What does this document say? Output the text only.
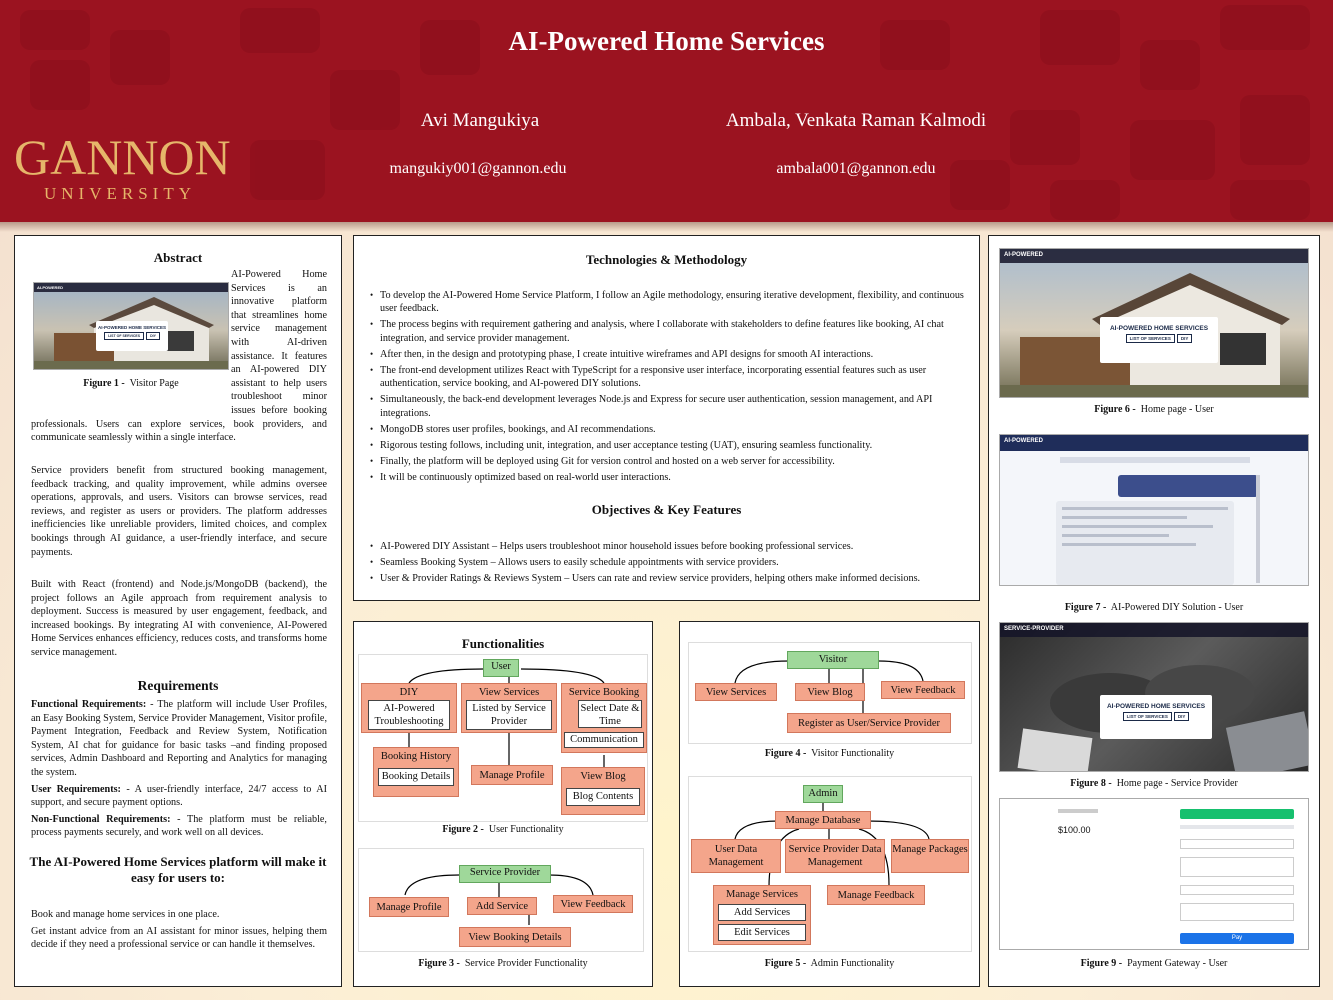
AI-Powered Home Services
Avi Mangukiya	Ambala, Venkata Raman Kalmodi
mangukiy001@gannon.edu	ambala001@gannon.edu
GANNON
UNIVERSITY
Abstract
AI-POWERED
AI-POWERED HOME SERVICES
LIST OF SERVICES	DIY
Figure 1 - Visitor Page
AI-Powered Home Services is an innovative platform that streamlines home service management with AI-driven assistance. It features an AI-powered DIY assistant to help users troubleshoot minor issues before booking professionals. Users can explore services, book providers, and communicate seamlessly within a single interface.
Service providers benefit from structured booking management, feedback tracking, and quality improvement, while admins oversee operations, approvals, and users. Visitors can browse services, read reviews, and register as users or providers. The platform addresses inefficiencies like unreliable providers, limited choices, and complex bookings through AI guidance, a user-friendly interface, and secure payments.
Built with React (frontend) and Node.js/MongoDB (backend), the project follows an Agile approach from requirement analysis to deployment. Success is measured by user engagement, feedback, and increased bookings. By integrating AI with convenience, AI-Powered Home Services enhances efficiency, reduces costs, and transforms home service management.
Requirements
Functional Requirements: - The platform will include User Profiles, an Easy Booking System, Service Provider Management, Visitor profile, Payment Integration, Feedback and Review System, Notification System, AI chat for guidance for basic tasks –and finding proposed services, Admin Dashboard and Reporting and Analytics for managing the system.
User Requirements: - A user-friendly interface, 24/7 access to AI support, and secure payment options.
Non-Functional Requirements: - The platform must be reliable, process payments securely, and work well on all devices.
The AI-Powered Home Services platform will make it easy for users to:
Book and manage home services in one place.
Get instant advice from an AI assistant for minor issues, helping them decide if they need a professional service or can handle it themselves.
Technologies & Methodology
• To develop the AI-Powered Home Service Platform, I follow an Agile methodology, ensuring iterative development, flexibility, and continuous user feedback.
• The process begins with requirement gathering and analysis, where I collaborate with stakeholders to define features like booking, AI chat integration, and service provider management.
• After then, in the design and prototyping phase, I create intuitive wireframes and API designs for smooth AI interactions.
• The front-end development utilizes React with TypeScript for a responsive user interface, incorporating essential features such as user authentication, service booking, and AI-powered DIY solutions.
• Simultaneously, the back-end development leverages Node.js and Express for secure user authentication, session management, and API integrations.
• MongoDB stores user profiles, bookings, and AI recommendations.
• Rigorous testing follows, including unit, integration, and user acceptance testing (UAT), ensuring seamless functionality.
• Finally, the platform will be deployed using Git for version control and hosted on a web server for accessibility.
• It will be continuously optimized based on real-world user interactions.
Objectives & Key Features
• AI-Powered DIY Assistant – Helps users troubleshoot minor household issues before booking professional services.
• Seamless Booking System – Allows users to easily schedule appointments with service providers.
• User & Provider Ratings & Reviews System – Users can rate and review service providers, helping others make informed decisions.
Functionalities
User
DIY
AI-Powered Troubleshooting
View Services
Listed by Service Provider
Service Booking
Select Date & Time
Communication
Booking History
Booking Details	Manage Profile	View Blog
Blog Contents
Figure 2 - User Functionality
Service Provider
Manage Profile	Add Service	View Feedback
View Booking Details
Figure 3 - Service Provider Functionality
Visitor
View Services	View Blog	View Feedback
Register as User/Service Provider
Figure 4 - Visitor Functionality
Admin
Manage Database
User Data Management
Service Provider Data Management
Manage Packages
Manage Services
Add Services
Edit Services
Manage Feedback
Figure 5 - Admin Functionality
AI-POWERED
AI-POWERED HOME SERVICES
LIST OF SERVICES DIY
Figure 6 - Home page - User
AI-POWERED
Figure 7 - AI-Powered DIY Solution - User
SERVICE-PROVIDER
AI-POWERED HOME SERVICES
LIST OF SERVICES DIY
Figure 8 - Home page - Service Provider
$100.00
Pay
Figure 9 - Payment Gateway - User
